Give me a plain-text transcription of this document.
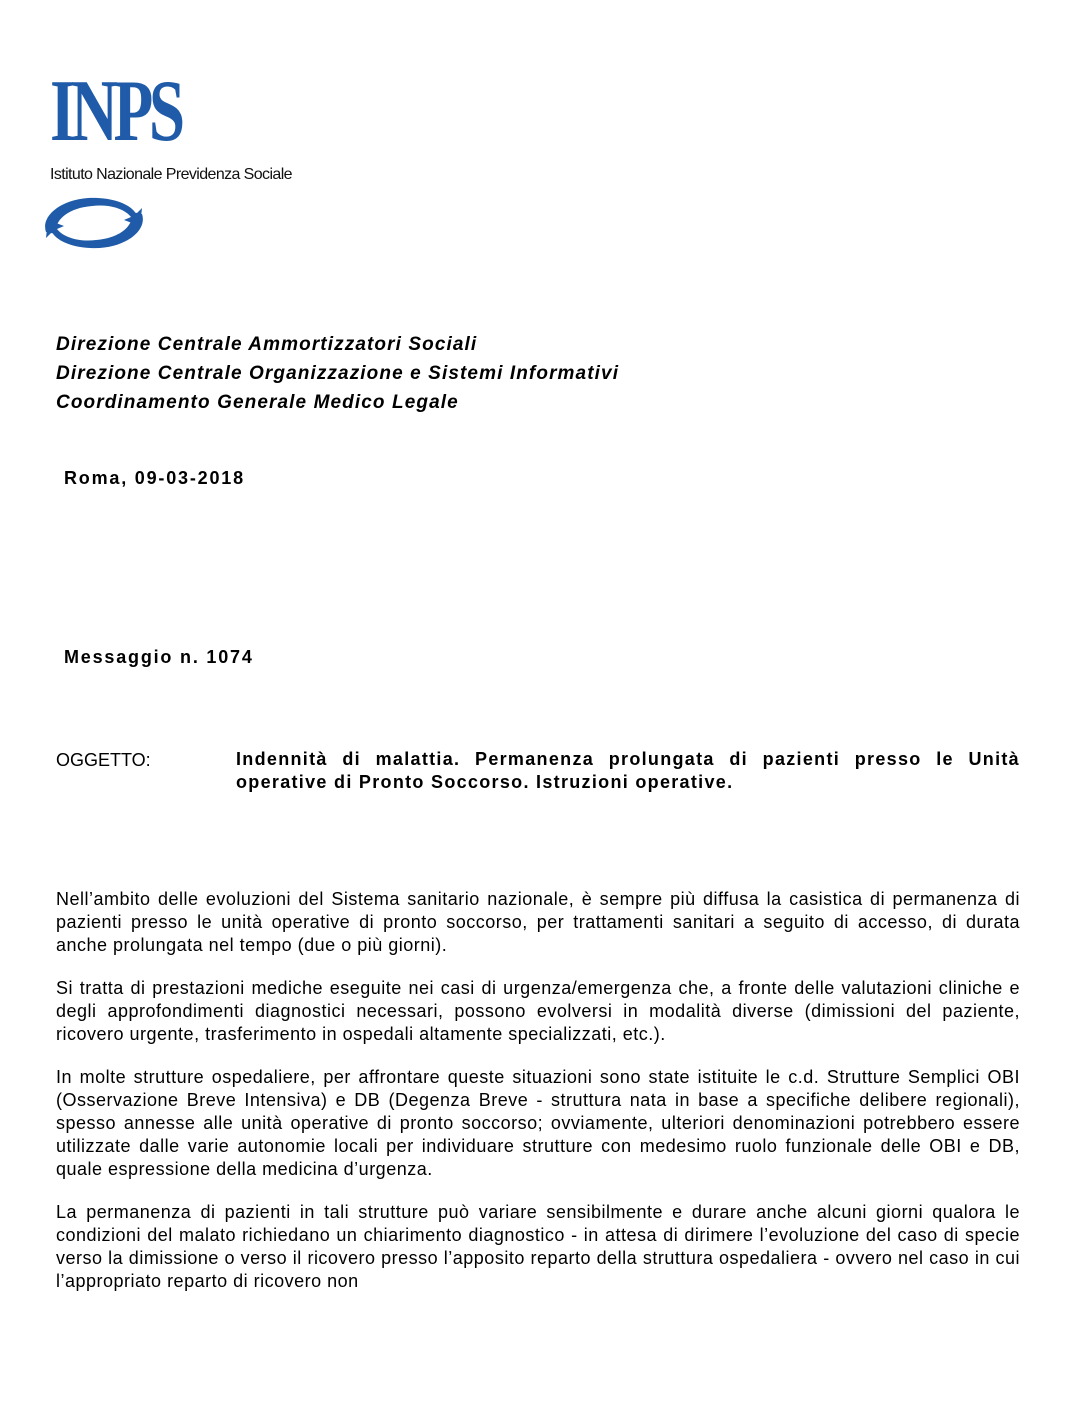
INPS
Istituto Nazionale Previdenza Sociale
Direzione Centrale Ammortizzatori Sociali
Direzione Centrale Organizzazione e Sistemi Informativi
Coordinamento Generale Medico Legale
Roma, 09-03-2018
Messaggio n. 1074
OGGETTO:	Indennità di malattia. Permanenza prolungata di pazienti presso le Unità operative di Pronto Soccorso. Istruzioni operative.

Nell’ambito delle evoluzioni del Sistema sanitario nazionale, è sempre più diffusa la casistica di permanenza di pazienti presso le unità operative di pronto soccorso, per trattamenti sanitari a seguito di accesso, di durata anche prolungata nel tempo (due o più giorni).

Si tratta di prestazioni mediche eseguite nei casi di urgenza/emergenza che, a fronte delle valutazioni cliniche e degli approfondimenti diagnostici necessari, possono evolversi in modalità diverse (dimissioni del paziente, ricovero urgente, trasferimento in ospedali altamente specializzati, etc.).

In molte strutture ospedaliere, per affrontare queste situazioni sono state istituite le c.d. Strutture Semplici OBI (Osservazione Breve Intensiva) e DB (Degenza Breve - struttura nata in base a specifiche delibere regionali), spesso annesse alle unità operative di pronto soccorso; ovviamente, ulteriori denominazioni potrebbero essere utilizzate dalle varie autonomie locali per individuare strutture con medesimo ruolo funzionale delle OBI e DB, quale espressione della medicina d’urgenza.

La permanenza di pazienti in tali strutture può variare sensibilmente e durare anche alcuni giorni qualora le condizioni del malato richiedano un chiarimento diagnostico - in attesa di dirimere l’evoluzione del caso di specie verso la dimissione o verso il ricovero presso l’apposito reparto della struttura ospedaliera - ovvero nel caso in cui l’appropriato reparto di ricovero non
